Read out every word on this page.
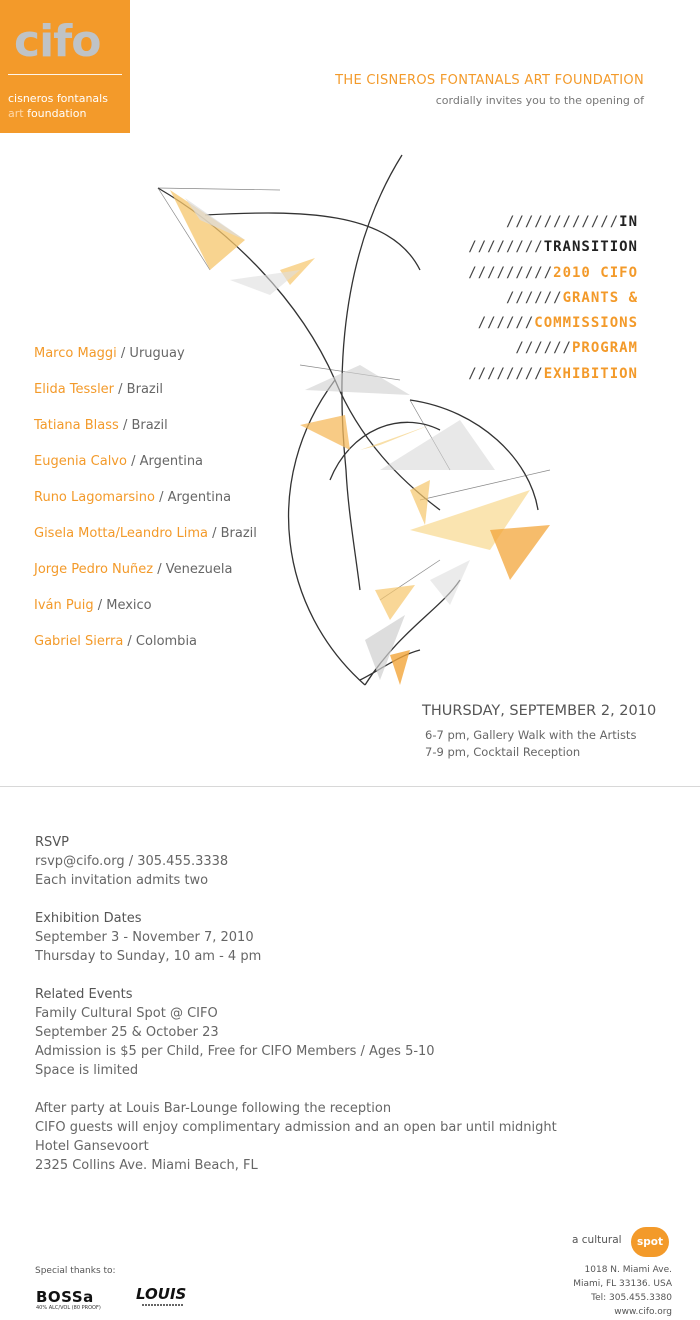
cifo
cisneros fontanals
art foundation
THE CISNEROS FONTANALS ART FOUNDATION
cordially invites you to the opening of
////////////IN
////////TRANSITION
/////////2010 CIFO
//////GRANTS &
//////COMMISSIONS
//////PROGRAM
////////EXHIBITION
Marco Maggi / Uruguay
Elida Tessler / Brazil
Tatiana Blass / Brazil
Eugenia Calvo / Argentina
Runo Lagomarsino / Argentina
Gisela Motta/Leandro Lima / Brazil
Jorge Pedro Nuñez / Venezuela
Iván Puig / Mexico
Gabriel Sierra / Colombia
THURSDAY, SEPTEMBER 2, 2010
6-7 pm, Gallery Walk with the Artists
7-9 pm, Cocktail Reception

RSVP

rsvp@cifo.org / 305.455.3338

Each invitation admits two

Exhibition Dates

September 3 - November 7, 2010

Thursday to Sunday, 10 am - 4 pm

Related Events

Family Cultural Spot @ CIFO

September 25 & October 23

Admission is $5 per Child, Free for CIFO Members / Ages 5-10

Space is limited

After party at Louis Bar-Lounge following the reception

CIFO guests will enjoy complimentary admission and an open bar until midnight

Hotel Gansevoort

2325 Collins Ave. Miami Beach, FL

Special thanks to:
BOSSa
40% ALC/VOL (80 PROOF)
LOUIS
a cultural	spot
1018 N. Miami Ave.
Miami, FL 33136. USA
Tel: 305.455.3380
www.cifo.org
